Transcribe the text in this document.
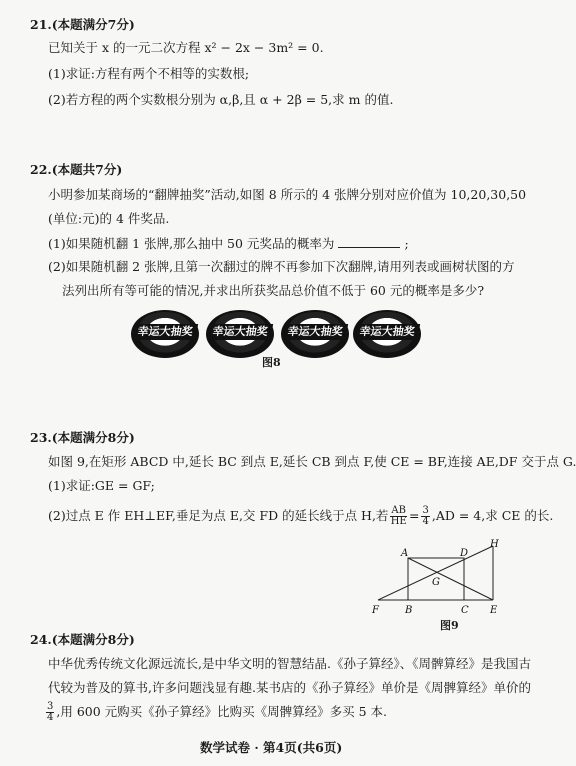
21.(本题满分7分)
已知关于 x 的一元二次方程 x² − 2x − 3m² = 0.
(1)求证:方程有两个不相等的实数根;
(2)若方程的两个实数根分别为 α,β,且 α + 2β = 5,求 m 的值.
22.(本题共7分)
小明参加某商场的“翻牌抽奖”活动,如图 8 所示的 4 张牌分别对应价值为 10,20,30,50
(单位:元)的 4 件奖品.
(1)如果随机翻 1 张牌,那么抽中 50 元奖品的概率为	;
(2)如果随机翻 2 张牌,且第一次翻过的牌不再参加下次翻牌,请用列表或画树状图的方
法列出所有等可能的情况,并求出所获奖品总价值不低于 60 元的概率是多少?
幸运大抽奖	幸运大抽奖	幸运大抽奖	幸运大抽奖
图8
23.(本题满分8分)
如图 9,在矩形 ABCD 中,延长 BC 到点 E,延长 CB 到点 F,使 CE = BF,连接 AE,DF 交于点 G.
(1)求证:GE = GF;
(2)过点 E 作 EH⊥EF,垂足为点 E,交 FD 的延长线于点 H,若 $\frac{AB}{HE} = \frac{3}{4} ,AD = 4$,求 CE 的长.
A	D
H
G
F	B	C E
图9
24.(本题满分8分)
中华优秀传统文化源远流长,是中华文明的智慧结晶.《孙子算经》、《周髀算经》是我国古
代较为普及的算书,许多问题浅显有趣.某书店的《孙子算经》单价是《周髀算经》单价的
$\frac{3}{4}$ ,用 600 元购买《孙子算经》比购买《周髀算经》多买 5 本.
数学试卷 · 第4页(共6页)
